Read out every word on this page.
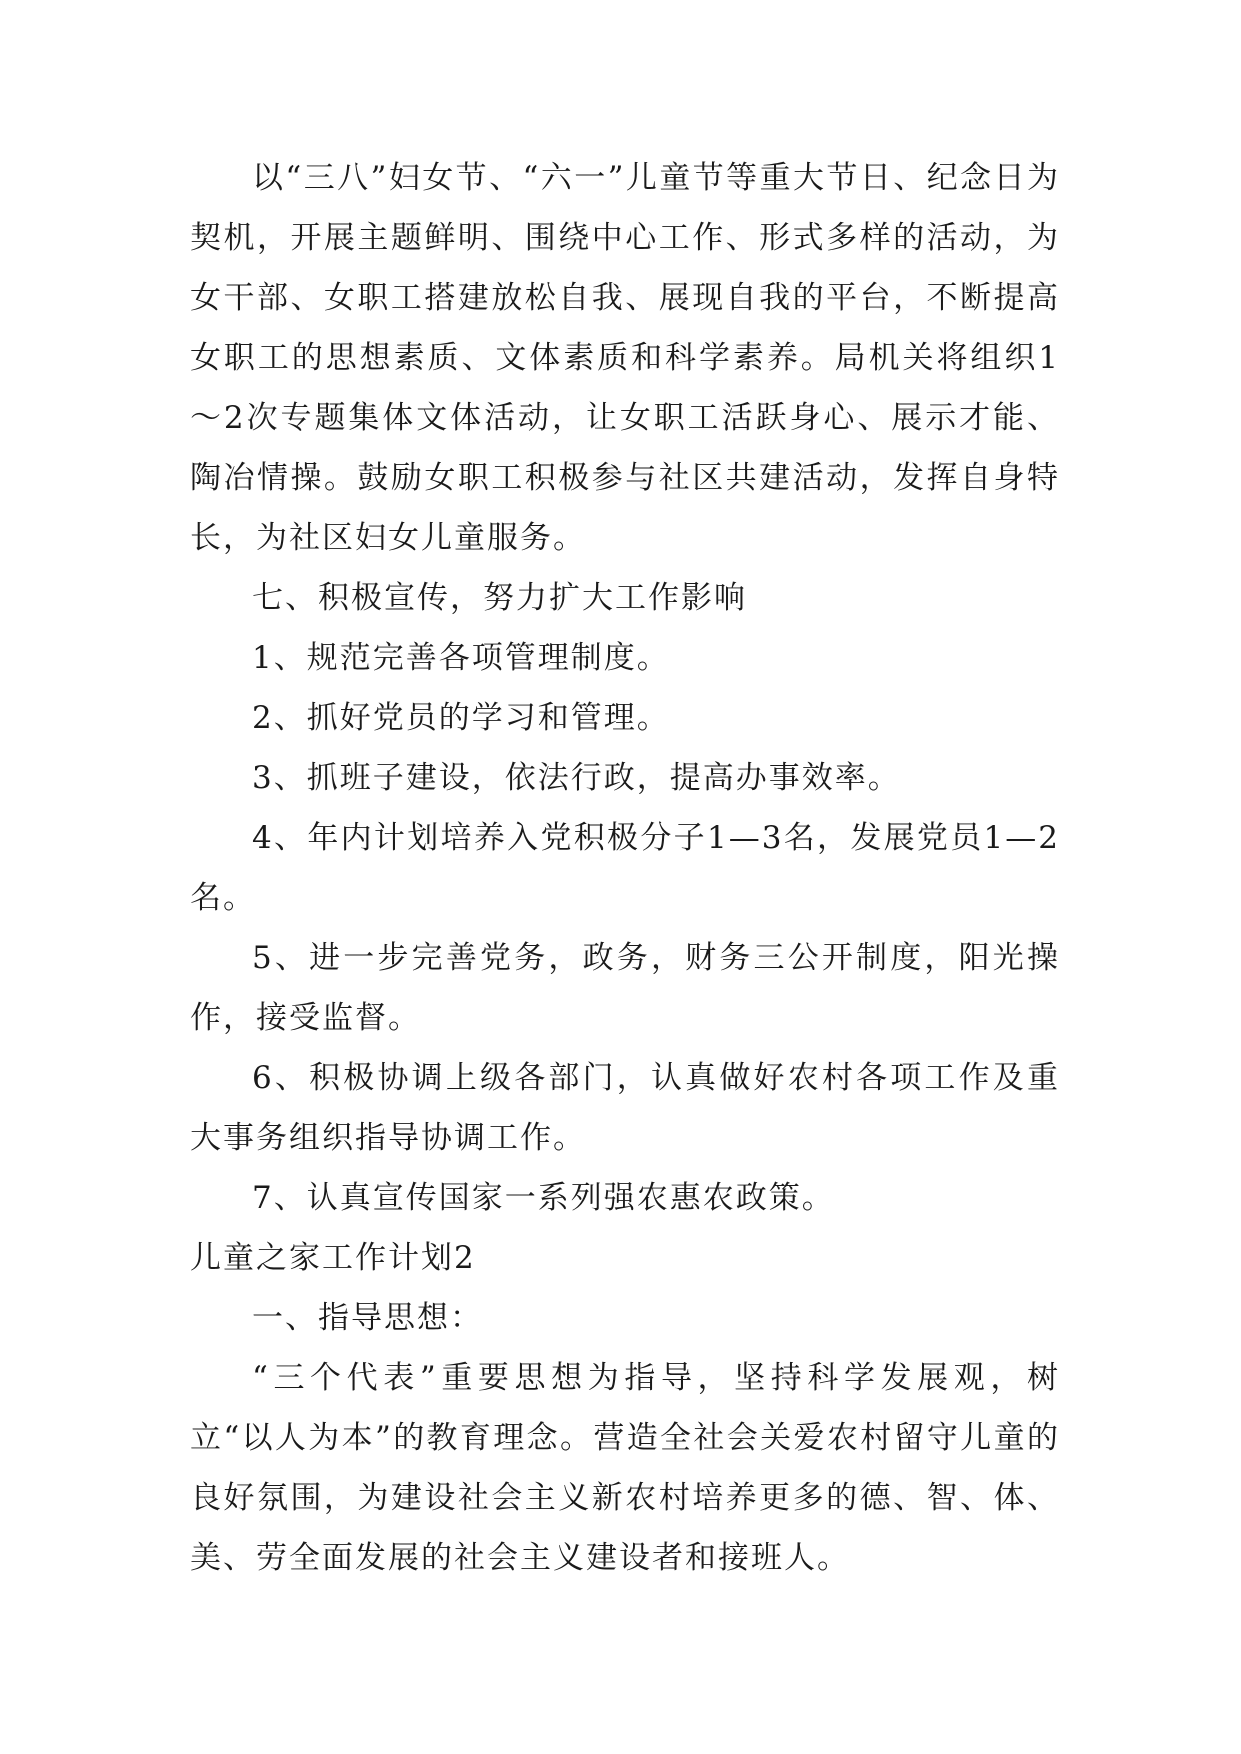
以“三八”妇女节、“六一”儿童节等重大节日、纪念日为契机，开展主题鲜明、围绕中心工作、形式多样的活动，为女干部、女职工搭建放松自我、展现自我的平台，不断提高女职工的思想素质、文体素质和科学素养。局机关将组织1～2次专题集体文体活动，让女职工活跃身心、展示才能、陶冶情操。鼓励女职工积极参与社区共建活动，发挥自身特长，为社区妇女儿童服务。

七、积极宣传，努力扩大工作影响

1、规范完善各项管理制度。

2、抓好党员的学习和管理。

3、抓班子建设，依法行政，提高办事效率。

4、年内计划培养入党积极分子1—3名，发展党员1—2名。

5、进一步完善党务，政务，财务三公开制度，阳光操作，接受监督。

6、积极协调上级各部门，认真做好农村各项工作及重大事务组织指导协调工作。

7、认真宣传国家一系列强农惠农政策。

儿童之家工作计划2

一、指导思想：

“三个代表”重要思想为指导，坚持科学发展观，树立“以人为本”的教育理念。营造全社会关爱农村留守儿童的良好氛围，为建设社会主义新农村培养更多的德、智、体、美、劳全面发展的社会主义建设者和接班人。
